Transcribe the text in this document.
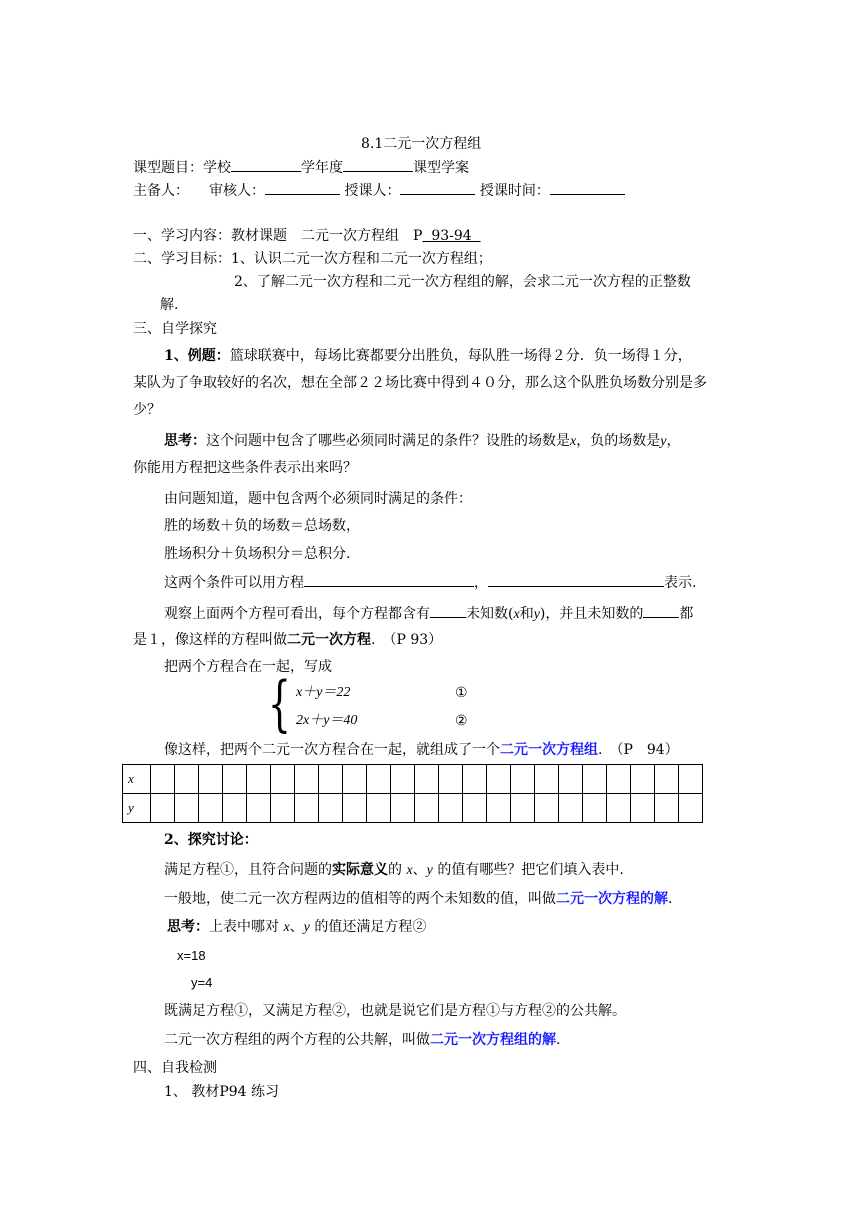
8.1二元一次方程组
课型题目：学校	学年度	课型学案
主备人： 审核人：	授课人：	授课时间：
一、学习内容：教材课题　二元一次方程组　P  93-94
二、学习目标：1、认识二元一次方程和二元一次方程组；
2、了解二元一次方程和二元一次方程组的解，会求二元一次方程的正整数
解.
三、自学探究
1、例题：篮球联赛中，每场比赛都要分出胜负，每队胜一场得２分．负一场得１分，
某队为了争取较好的名次，想在全部２２场比赛中得到４０分，那么这个队胜负场数分别是多
少？
思考：这个问题中包含了哪些必须同时满足的条件？设胜的场数是x，负的场数是y，
你能用方程把这些条件表示出来吗？
由问题知道，题中包含两个必须同时满足的条件：
胜的场数＋负的场数＝总场数，
胜场积分＋负场积分＝总积分.
这两个条件可以用方程	，	表示.
观察上面两个方程可看出，每个方程都含有	未知数(x和y)，并且未知数的	都
是１，像这样的方程叫做二元一次方程.　（P 93）
把两个方程合在一起，写成
{ x＋y＝22	①
2x＋y＝40	②
像这样，把两个二元一次方程合在一起，就组成了一个二元一次方程组.　（P　94）
x																							
y																							
2、探究讨论：
满足方程①，且符合问题的实际意义的 x、y 的值有哪些？把它们填入表中.
一般地，使二元一次方程两边的值相等的两个未知数的值，叫做二元一次方程的解.
思考：上表中哪对 x、y 的值还满足方程②
x=18
y=4
既满足方程①，又满足方程②，也就是说它们是方程①与方程②的公共解。
二元一次方程组的两个方程的公共解，叫做二元一次方程组的解.
四、自我检测
1、 教材P94 练习
